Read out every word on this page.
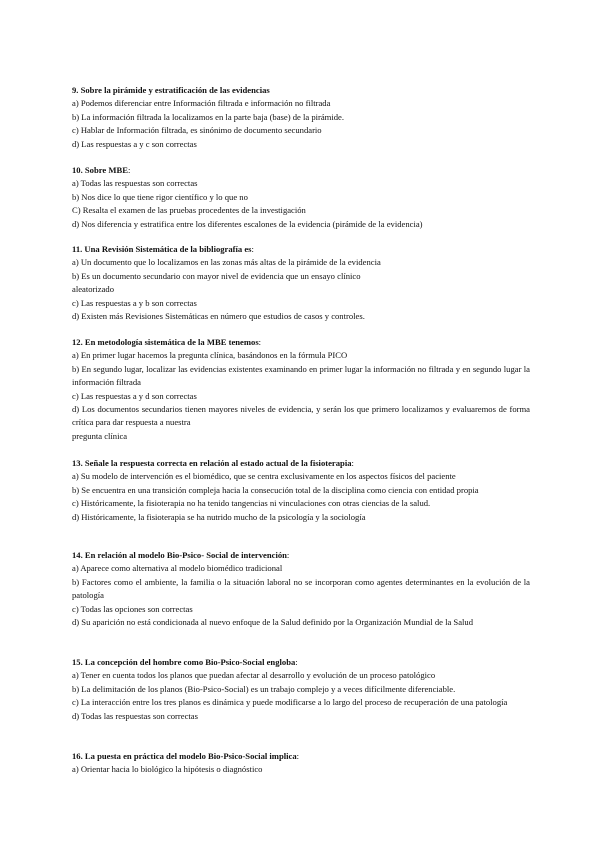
9. Sobre la pirámide y estratificación de las evidencias
a) Podemos diferenciar entre Información filtrada e información no filtrada
b) La información filtrada la localizamos en la parte baja (base) de la pirámide.
c) Hablar de Información filtrada, es sinónimo de documento secundario
d) Las respuestas a y c son correctas
10. Sobre MBE:
a) Todas las respuestas son correctas
b) Nos dice lo que tiene rigor científico y lo que no
C) Resalta el examen de las pruebas procedentes de la investigación
d) Nos diferencia y estratifica entre los diferentes escalones de la evidencia (pirámide de la evidencia)
11. Una Revisión Sistemática de la bibliografía es:
a) Un documento que lo localizamos en las zonas más altas de la pirámide de la evidencia
b) Es un documento secundario con mayor nivel de evidencia que un ensayo clínico
aleatorizado
c) Las respuestas a y b son correctas
d) Existen más Revisiones Sistemáticas en número que estudios de casos y controles.
12. En metodología sistemática de la MBE tenemos:
a) En primer lugar hacemos la pregunta clínica, basándonos en la fórmula PICO
b) En segundo lugar, localizar las evidencias existentes examinando en primer lugar la información no filtrada y en segundo lugar la información filtrada
c) Las respuestas a y d son correctas
d) Los documentos secundarios tienen mayores niveles de evidencia, y serán los que primero localizamos y evaluaremos de forma crítica para dar respuesta a nuestra
pregunta clínica
13. Señale la respuesta correcta en relación al estado actual de la fisioterapia:
a) Su modelo de intervención es el biomédico, que se centra exclusivamente en los aspectos físicos del paciente
b) Se encuentra en una transición compleja hacia la consecución total de la disciplina como ciencia con entidad propia
c) Históricamente, la fisioterapia no ha tenido tangencias ni vinculaciones con otras ciencias de la salud.
d) Históricamente, la fisioterapia se ha nutrido mucho de la psicología y la sociología
14. En relación al modelo Bio-Psico- Social de intervención:
a) Aparece como alternativa al modelo biomédico tradicional
b) Factores como el ambiente, la familia o la situación laboral no se incorporan como agentes determinantes en la evolución de la patología
c) Todas las opciones son correctas
d) Su aparición no está condicionada al nuevo enfoque de la Salud definido por la Organización Mundial de la Salud
15. La concepción del hombre como Bio-Psico-Social engloba:
a) Tener en cuenta todos los planos que puedan afectar al desarrollo y evolución de un proceso patológico
b) La delimitación de los planos (Bio-Psico-Social) es un trabajo complejo y a veces difícilmente diferenciable.
c) La interacción entre los tres planos es dinámica y puede modificarse a lo largo del proceso de recuperación de una patología
d) Todas las respuestas son correctas
16. La puesta en práctica del modelo Bio-Psico-Social implica:
a) Orientar hacia lo biológico la hipótesis o diagnóstico
